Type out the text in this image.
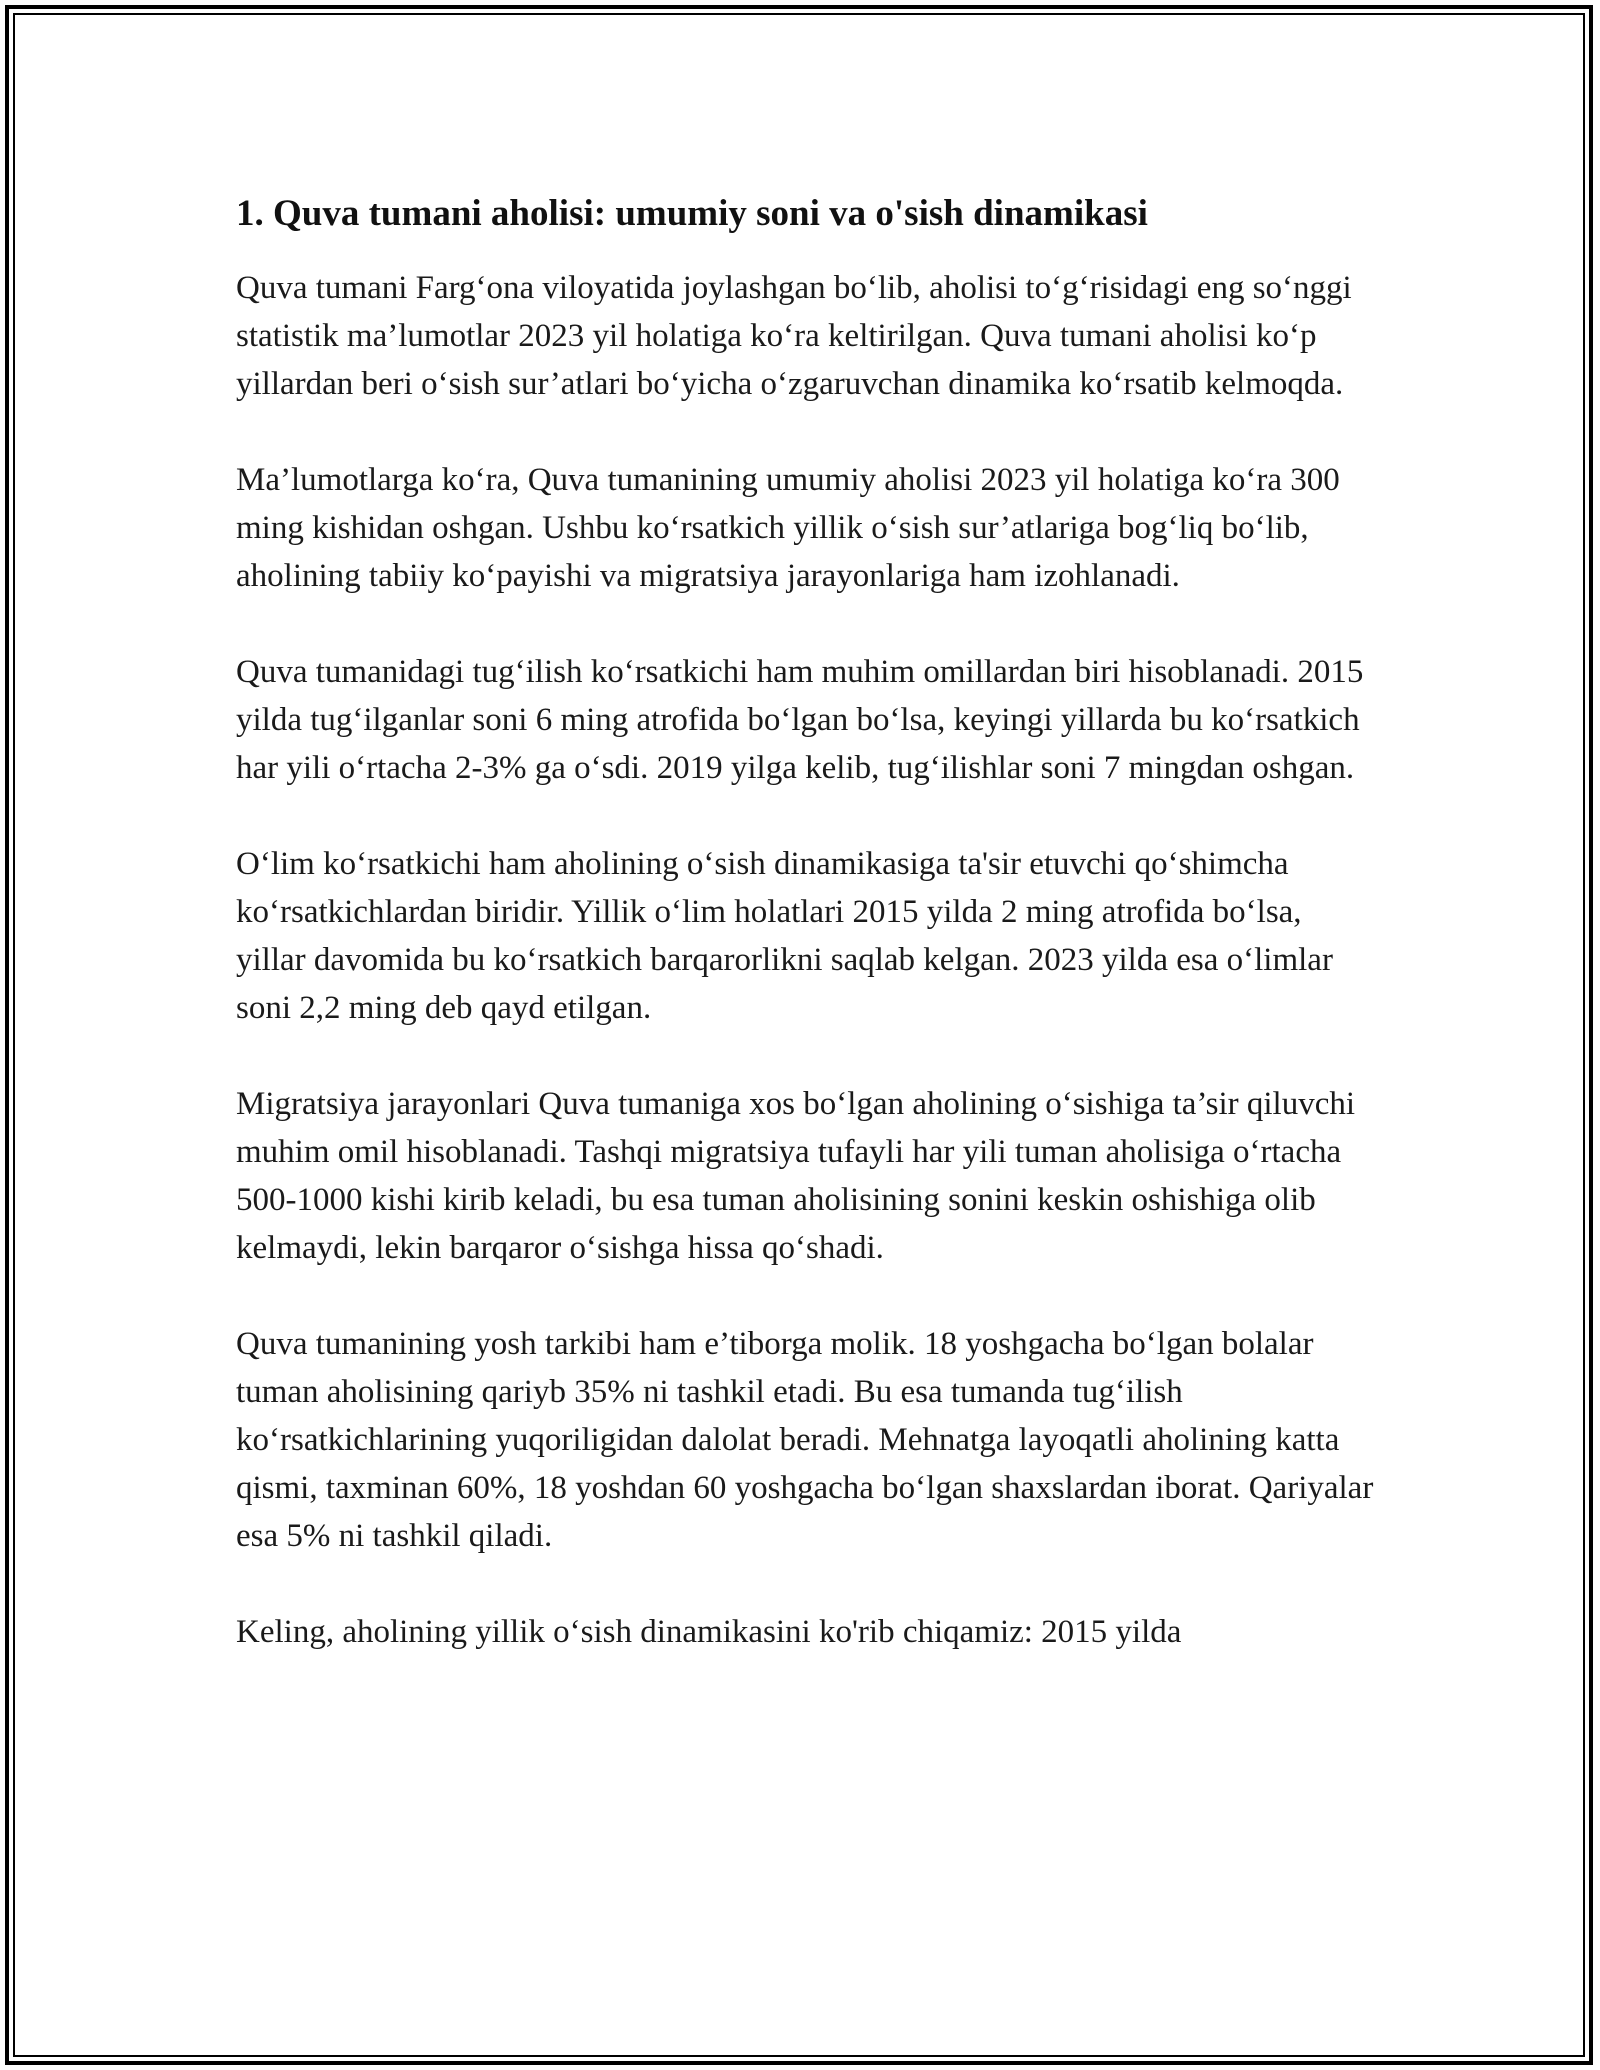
1. Quva tumani aholisi: umumiy soni va o'sish dinamikasi

Quva tumani Farg‘ona viloyatida joylashgan bo‘lib, aholisi to‘g‘risidagi eng so‘nggi statistik ma’lumotlar 2023 yil holatiga ko‘ra keltirilgan. Quva tumani aholisi ko‘p yillardan beri o‘sish sur’atlari bo‘yicha o‘zgaruvchan dinamika ko‘rsatib kelmoqda.

Ma’lumotlarga ko‘ra, Quva tumanining umumiy aholisi 2023 yil holatiga ko‘ra 300 ming kishidan oshgan. Ushbu ko‘rsatkich yillik o‘sish sur’atlariga bog‘liq bo‘lib, aholining tabiiy ko‘payishi va migratsiya jarayonlariga ham izohlanadi.

Quva tumanidagi tug‘ilish ko‘rsatkichi ham muhim omillardan biri hisoblanadi. 2015 yilda tug‘ilganlar soni 6 ming atrofida bo‘lgan bo‘lsa, keyingi yillarda bu ko‘rsatkich har yili o‘rtacha 2-3% ga o‘sdi. 2019 yilga kelib, tug‘ilishlar soni 7 mingdan oshgan.

O‘lim ko‘rsatkichi ham aholining o‘sish dinamikasiga ta'sir etuvchi qo‘shimcha ko‘rsatkichlardan biridir. Yillik o‘lim holatlari 2015 yilda 2 ming atrofida bo‘lsa, yillar davomida bu ko‘rsatkich barqarorlikni saqlab kelgan. 2023 yilda esa o‘limlar soni 2,2 ming deb qayd etilgan.

Migratsiya jarayonlari Quva tumaniga xos bo‘lgan aholining o‘sishiga ta’sir qiluvchi muhim omil hisoblanadi. Tashqi migratsiya tufayli har yili tuman aholisiga o‘rtacha 500-1000 kishi kirib keladi, bu esa tuman aholisining sonini keskin oshishiga olib kelmaydi, lekin barqaror o‘sishga hissa qo‘shadi.

Quva tumanining yosh tarkibi ham e’tiborga molik. 18 yoshgacha bo‘lgan bolalar tuman aholisining qariyb 35% ni tashkil etadi. Bu esa tumanda tug‘ilish ko‘rsatkichlarining yuqoriligidan dalolat beradi. Mehnatga layoqatli aholining katta qismi, taxminan 60%, 18 yoshdan 60 yoshgacha bo‘lgan shaxslardan iborat. Qariyalar esa 5% ni tashkil qiladi.

Keling, aholining yillik o‘sish dinamikasini ko'rib chiqamiz: 2015 yilda
